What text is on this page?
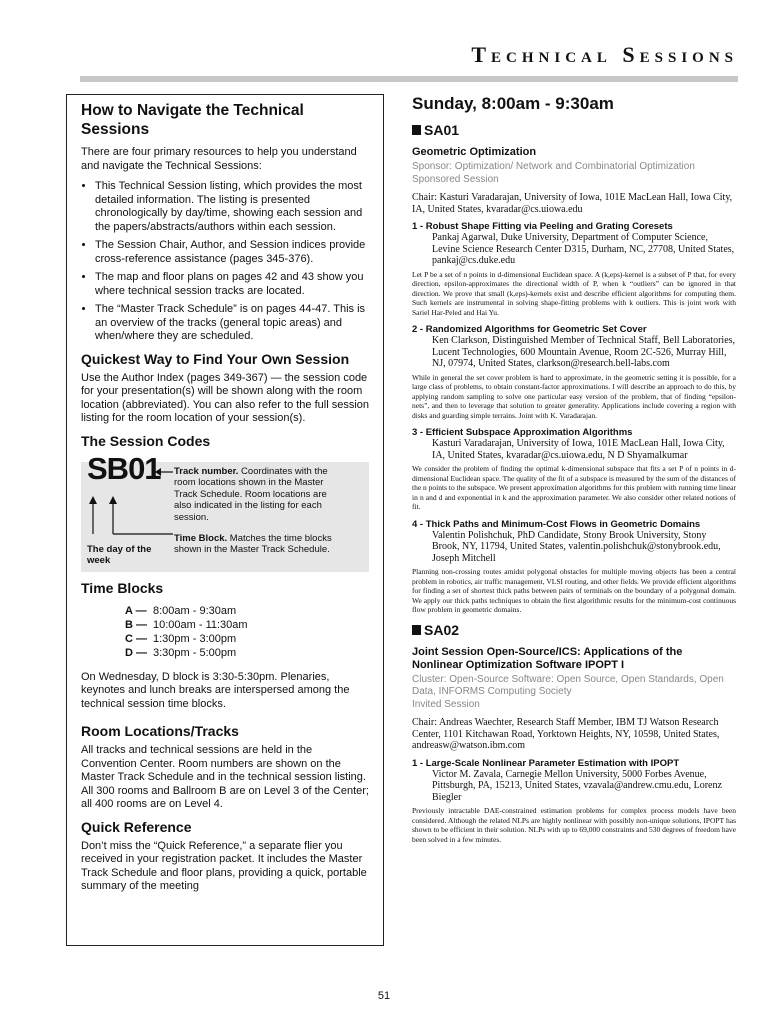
Technical Sessions
How to Navigate the Technical Sessions

There are four primary resources to help you understand and navigate the Technical Sessions:

• This Technical Session listing, which provides the most detailed information. The listing is presented chronologically by day/time, showing each session and the papers/abstracts/authors within each session.
• The Session Chair, Author, and Session indices provide cross-reference assistance (pages 345-376).
• The map and floor plans on pages 42 and 43 show you where technical session tracks are located.
• The “Master Track Schedule” is on pages 44-47. This is an overview of the tracks (general topic areas) and when/where they are scheduled.
Quickest Way to Find Your Own Session

Use the Author Index (pages 349-367) — the session code for your presentation(s) will be shown along with the room location (abbreviated). You can also refer to the full session listing for the room location of your session(s).

The Session Codes
SB01 Track number. Coordinates with the room locations shown in the Master Track Schedule. Room locations are also indicated in the listing for each session.
Time Block. Matches the time blocks shown in the Master Track Schedule.
The day of the week
Time Blocks
A — 8:00am - 9:30am
B — 10:00am - 11:30am
C — 1:30pm - 3:00pm
D — 3:30pm - 5:00pm

On Wednesday, D block is 3:30-5:30pm. Plenaries, keynotes and lunch breaks are interspersed among the technical session time blocks.

Room Locations/Tracks

All tracks and technical sessions are held in the Convention Center. Room numbers are shown on the Master Track Schedule and in the technical session listing. All 300 rooms and Ballroom B are on Level 3 of the Center; all 400 rooms are on Level 4.

Quick Reference

Don’t miss the “Quick Reference,” a separate flier you received in your registration packet. It includes the Master Track Schedule and floor plans, providing a quick, portable summary of the meeting

Sunday, 8:00am - 9:30am
SA01
Geometric Optimization
Sponsor: Optimization/ Network and Combinatorial Optimization
Sponsored Session
Chair: Kasturi Varadarajan, University of Iowa, 101E MacLean Hall, Iowa City, IA, United States, kvaradar@cs.uiowa.edu
1 - Robust Shape Fitting via Peeling and Grating Coresets
Pankaj Agarwal, Duke University, Department of Computer Science, Levine Science Research Center D315, Durham, NC, 27708, United States, pankaj@cs.duke.edu
Let P be a set of n points in d-dimensional Euclidean space. A (k,eps)-kernel is a subset of P that, for every direction, epsilon-approximates the directional width of P, when k “outliers” can be ignored in that direction. We prove that small (k,eps)-kernels exist and describe efficient algorithms for computing them. Such kernels are instrumental in solving shape-fitting problems with k outliers. This is joint work with Sariel Har-Peled and Hai Yu.
2 - Randomized Algorithms for Geometric Set Cover
Ken Clarkson, Distinguished Member of Technical Staff, Bell Laboratories, Lucent Technologies, 600 Mountain Avenue, Room 2C-526, Murray Hill, NJ, 07974, United States, clarkson@research.bell-labs.com
While in general the set cover problem is hard to approximate, in the geometric setting it is possible, for a large class of problems, to obtain constant-factor approximations. I will describe an approach to do this, by applying random sampling to solve one particular easy version of the problem, that of finding “epsilon-nets”, and then to leverage that solution to greater generality. Applications include covering a region with disks and guarding simple terrains. Joint with K. Varadarajan.
3 - Efficient Subspace Approximation Algorithms
Kasturi Varadarajan, University of Iowa, 101E MacLean Hall, Iowa City, IA, United States, kvaradar@cs.uiowa.edu, N D Shyamalkumar
We consider the problem of finding the optimal k-dimensional subspace that fits a set P of n points in d-dimensional Euclidean space. The quality of the fit of a subspace is measured by the sum of the distances of the n points to the subspace. We present approximation algorithms for this problem with running time linear in n and d and exponential in k and the approximation parameter. We also consider other related notions of fit.
4 - Thick Paths and Minimum-Cost Flows in Geometric Domains
Valentin Polishchuk, PhD Candidate, Stony Brook University, Stony Brook, NY, 11794, United States, valentin.polishchuk@stonybrook.edu, Joseph Mitchell
Planning non-crossing routes amidst polygonal obstacles for multiple moving objects has been a central problem in robotics, air traffic management, VLSI routing, and other fields. We provide efficient algorithms for finding a set of shortest thick paths between pairs of terminals on the boundary of a polygonal domain. We apply our thick paths techniques to obtain the first algorithmic results for the minimum-cost continuous flow problem in geometric domains.
SA02
Joint Session Open-Source/ICS: Applications of the Nonlinear Optimization Software IPOPT I
Cluster: Open-Source Software: Open Source, Open Standards, Open Data, INFORMS Computing Society
Invited Session
Chair: Andreas Waechter, Research Staff Member, IBM TJ Watson Research Center, 1101 Kitchawan Road, Yorktown Heights, NY, 10598, United States, andreasw@watson.ibm.com
1 - Large-Scale Nonlinear Parameter Estimation with IPOPT
Victor M. Zavala, Carnegie Mellon University, 5000 Forbes Avenue, Pittsburgh, PA, 15213, United States, vzavala@andrew.cmu.edu, Lorenz Biegler
Previously intractable DAE-constrained estimation problems for complex process models have been considered. Although the related NLPs are highly nonlinear with possibly non-unique solutions, IPOPT has shown to be efficient in their solution. NLPs with up to 69,000 constraints and 530 degrees of freedom have been solved in a few minutes.
51
